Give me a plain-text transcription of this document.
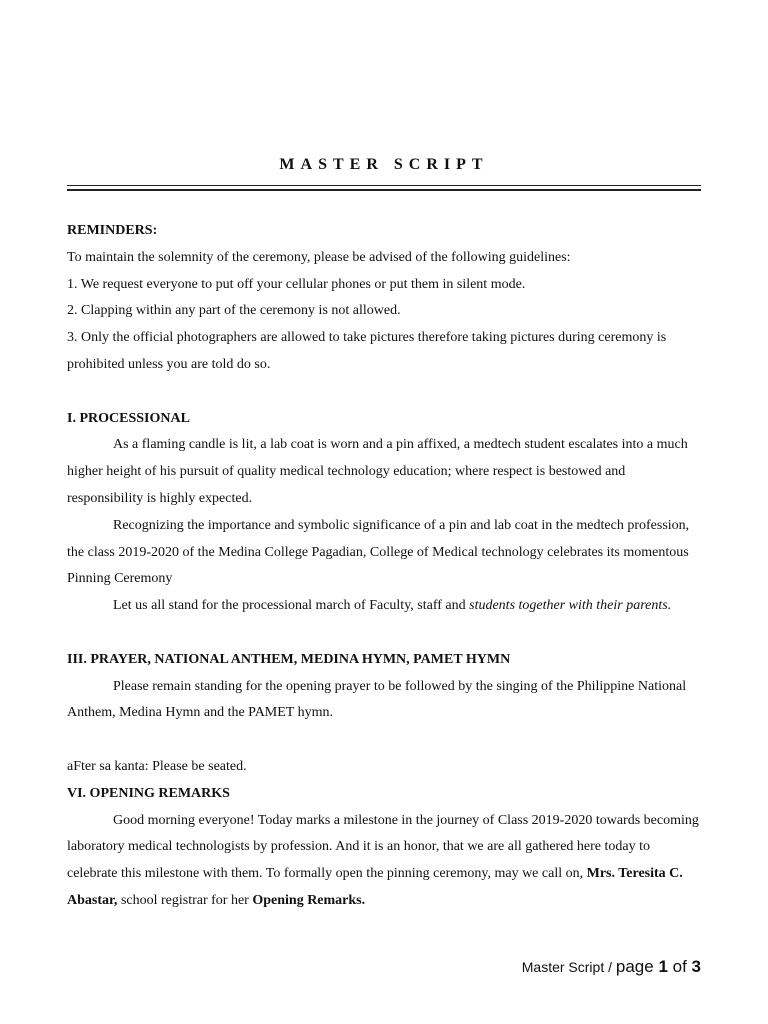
MASTER SCRIPT

REMINDERS:

To maintain the solemnity of the ceremony, please be advised of the following guidelines:

1. We request everyone to put off your cellular phones or put them in silent mode.

2. Clapping within any part of the ceremony is not allowed.

3. Only the official photographers are allowed to take pictures therefore taking pictures during ceremony is prohibited unless you are told do so.

I. PROCESSIONAL

As a flaming candle is lit, a lab coat is worn and a pin affixed, a medtech student escalates into a much higher height of his pursuit of quality medical technology education; where respect is bestowed and responsibility is highly expected.

Recognizing the importance and symbolic significance of a pin and lab coat in the medtech profession, the class 2019-2020 of the Medina College Pagadian, College of Medical technology celebrates its momentous Pinning Ceremony

Let us all stand for the processional march of Faculty, staff and students together with their parents.

III. PRAYER, NATIONAL ANTHEM, MEDINA HYMN, PAMET HYMN

Please remain standing for the opening prayer to be followed by the singing of the Philippine National Anthem, Medina Hymn and the PAMET hymn.

aFter sa kanta: Please be seated.

VI. OPENING REMARKS

Good morning everyone! Today marks a milestone in the journey of Class 2019-2020 towards becoming laboratory medical technologists by profession. And it is an honor, that we are all gathered here today to celebrate this milestone with them. To formally open the pinning ceremony, may we call on, Mrs. Teresita C. Abastar, school registrar for her Opening Remarks.

Master Script / page 1 of 3
